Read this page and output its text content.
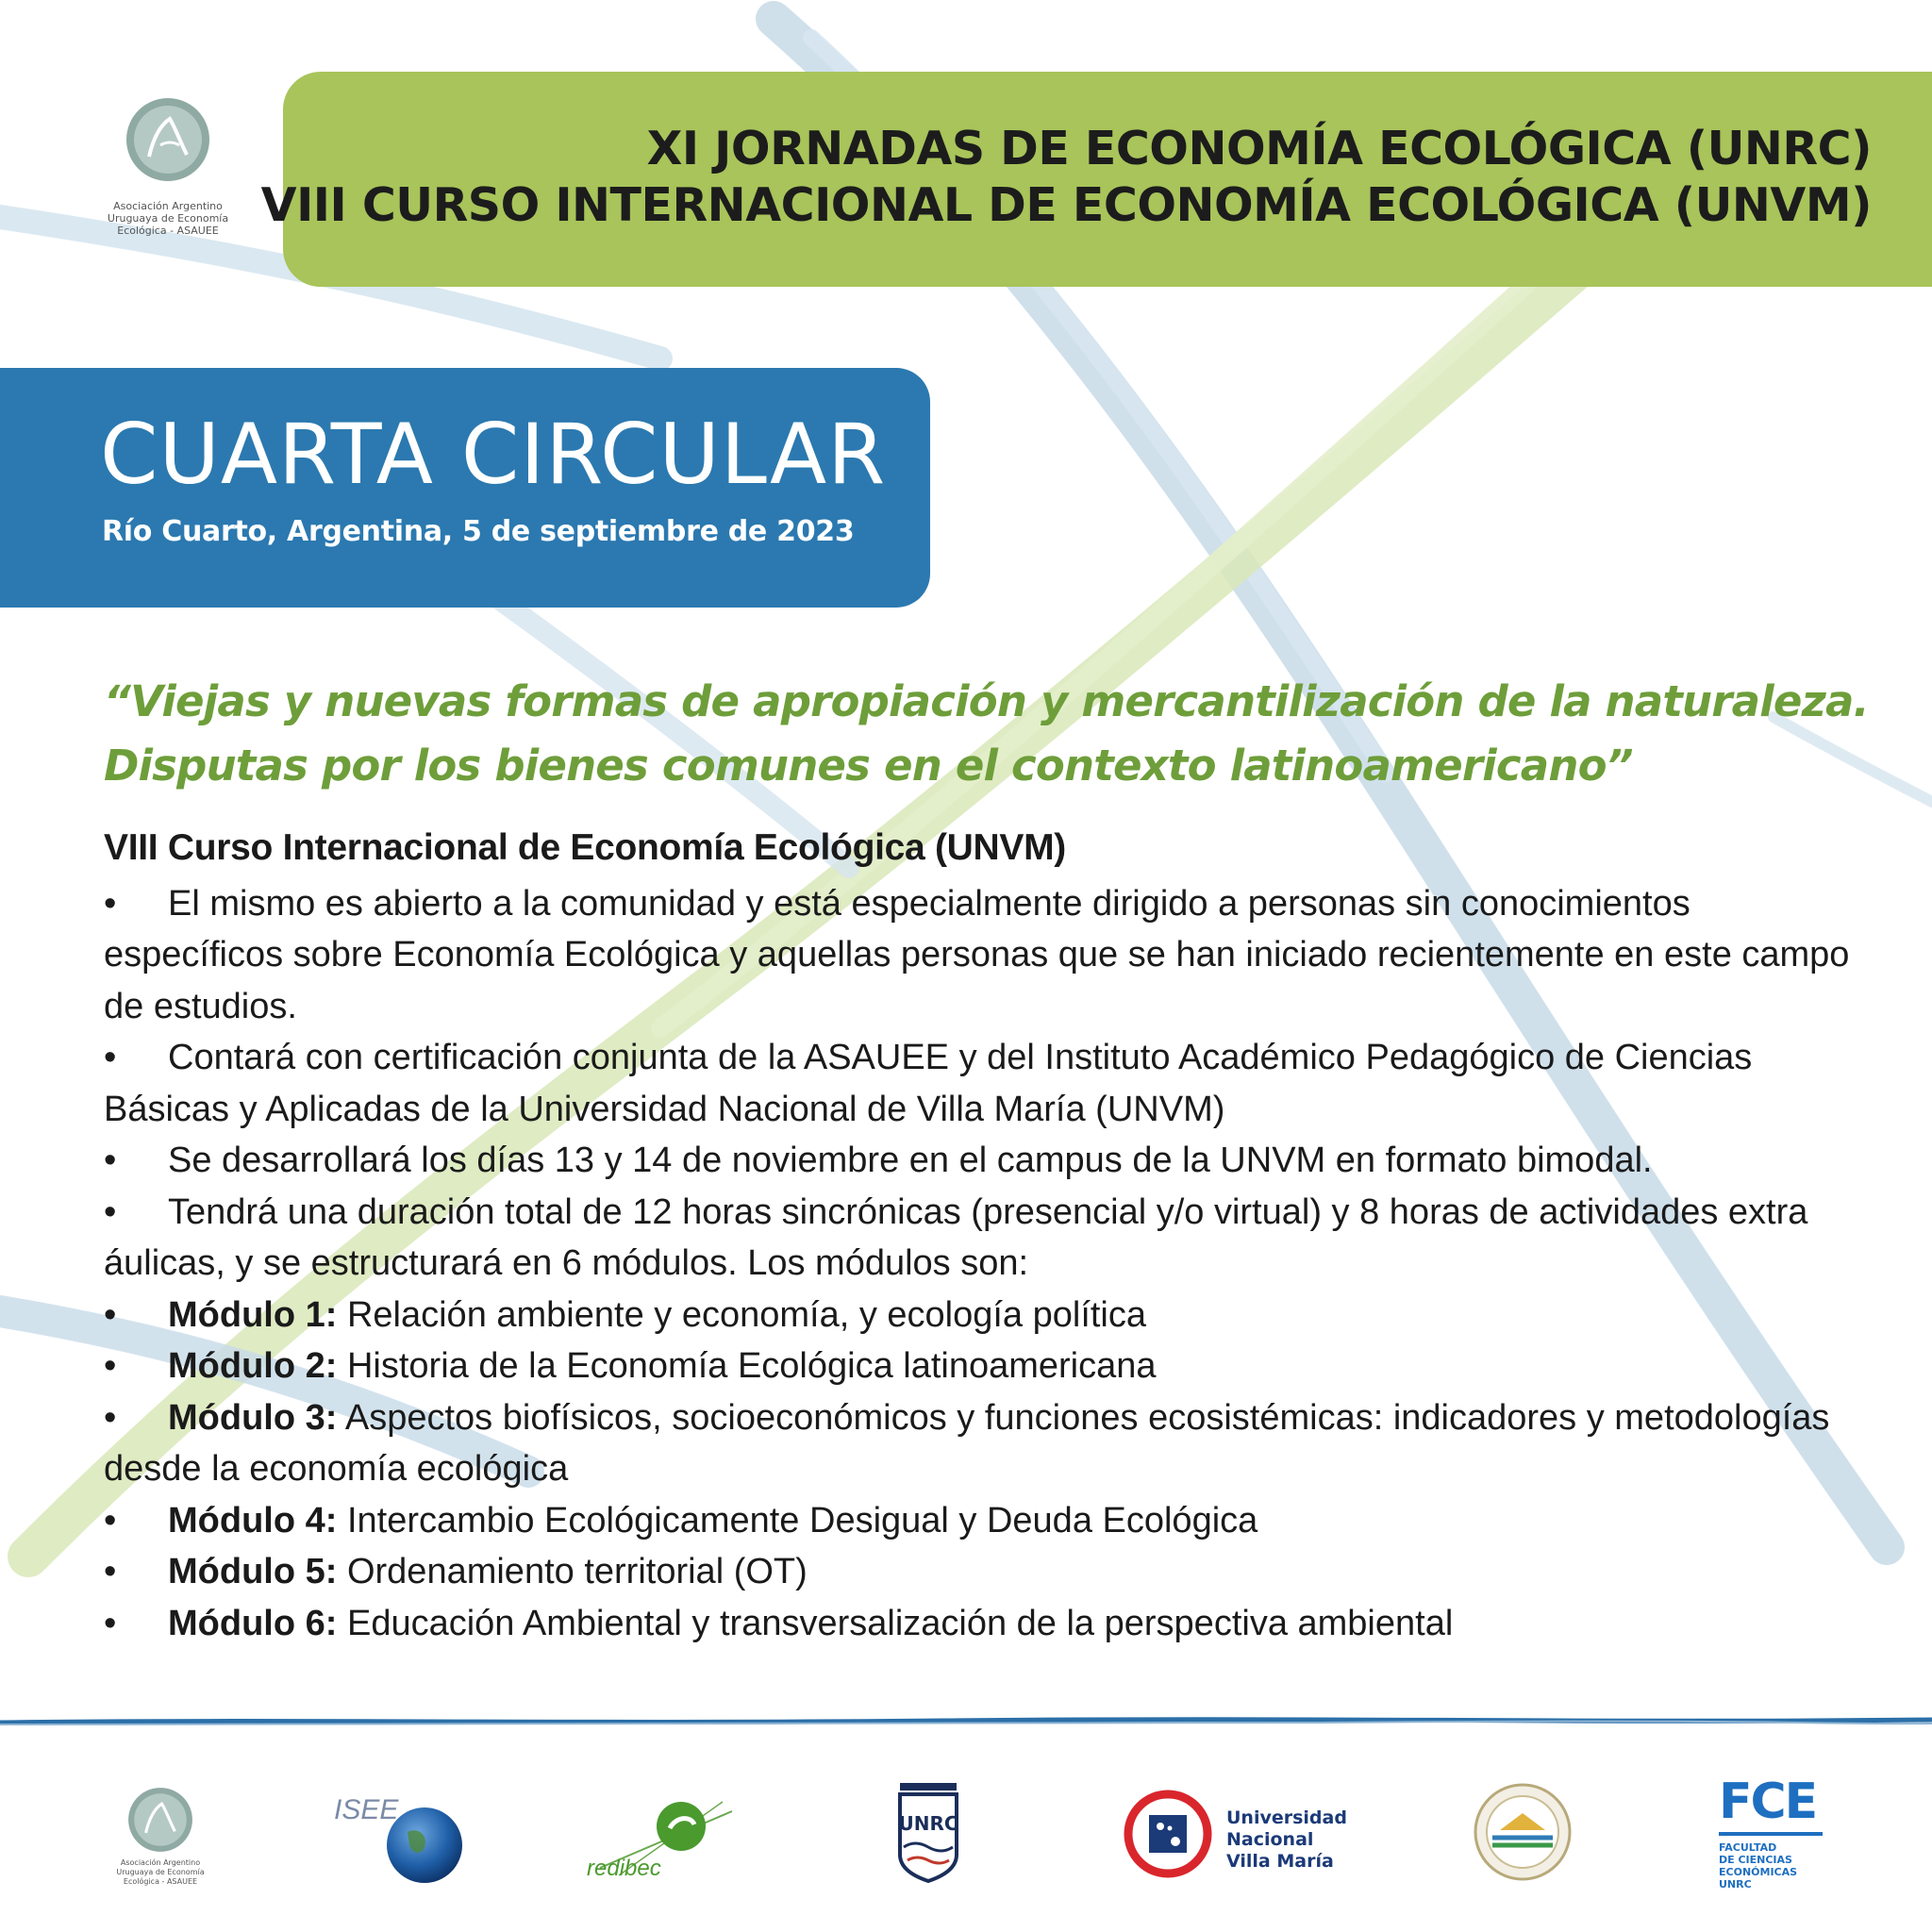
Asociación Argentino
Uruguaya de Economía
Ecológica - ASAUEE
XI JORNADAS DE ECONOMÍA ECOLÓGICA (UNRC)
VIII CURSO INTERNACIONAL DE ECONOMÍA ECOLÓGICA (UNVM)
CUARTA CIRCULAR
Río Cuarto, Argentina, 5 de septiembre de 2023
“Viejas y nuevas formas de apropiación y mercantilización de la naturaleza.
Disputas por los bienes comunes en el contexto latinoamericano”
VIII Curso Internacional de Economía Ecológica (UNVM)
• El mismo es abierto a la comunidad y está especialmente dirigido a personas sin conocimientos específicos sobre Economía Ecológica y aquellas personas que se han iniciado recientemente en este campo de estudios.
• Contará con certificación conjunta de la ASAUEE y del Instituto Académico Pedagógico de Ciencias Básicas y Aplicadas de la Universidad Nacional de Villa María (UNVM)
• Se desarrollará los días 13 y 14 de noviembre en el campus de la UNVM en formato bimodal.
• Tendrá una duración total de 12 horas sincrónicas (presencial y/o virtual) y 8 horas de actividades extra áulicas, y se estructurará en 6 módulos. Los módulos son:
• Módulo 1: Relación ambiente y economía, y ecología política
• Módulo 2: Historia de la Economía Ecológica latinoamericana
• Módulo 3: Aspectos biofísicos, socioeconómicos y funciones ecosistémicas: indicadores y metodologías desde la economía ecológica
• Módulo 4: Intercambio Ecológicamente Desigual y Deuda Ecológica
• Módulo 5: Ordenamiento territorial (OT)
• Módulo 6: Educación Ambiental y transversalización de la perspectiva ambiental
Asociación Argentino
Uruguaya de Economía
Ecológica - ASAUEE
ISEE
redibec
UNRC	Universidad
Nacional
Villa María
FCE
FACULTAD
DE CIENCIAS
ECONÓMICAS
UNRC
